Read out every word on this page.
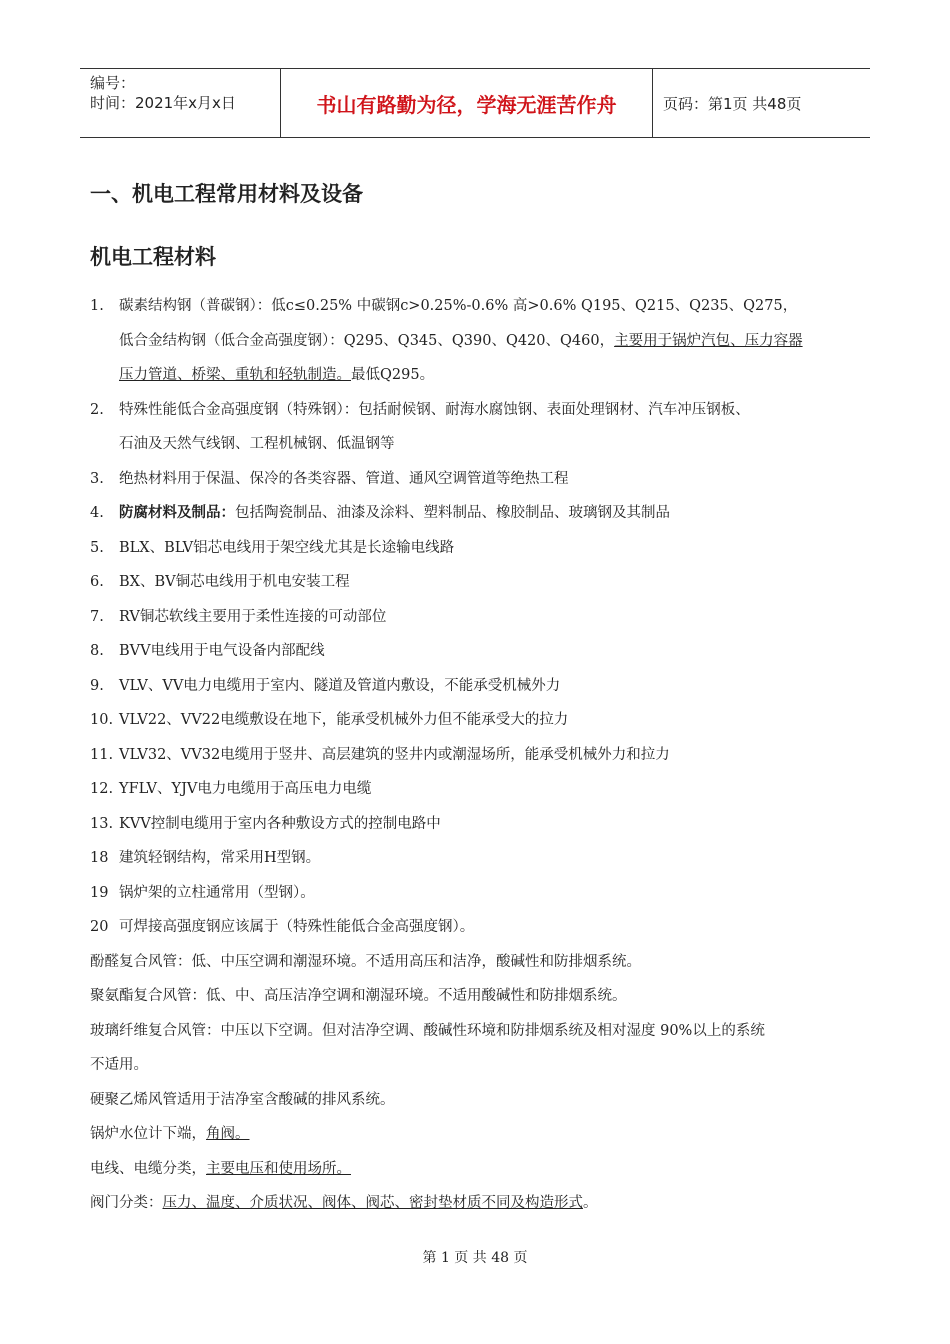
编号：
时间：2021年x月x日	书山有路勤为径，学海无涯苦作舟	页码：第1页 共48页
一、机电工程常用材料及设备
机电工程材料
1.	碳素结构钢（普碳钢）：低c≤0.25% 中碳钢c>0.25%-0.6% 高>0.6% Q195、Q215、Q235、Q275，
低合金结构钢（低合金高强度钢）：Q295、Q345、Q390、Q420、Q460，主要用于锅炉汽包、压力容器
压力管道、桥梁、重轨和轻轨制造。最低Q295。
2.	特殊性能低合金高强度钢（特殊钢）：包括耐候钢、耐海水腐蚀钢、表面处理钢材、汽车冲压钢板、
石油及天然气线钢、工程机械钢、低温钢等
3.	绝热材料用于保温、保冷的各类容器、管道、通风空调管道等绝热工程
4.	防腐材料及制品：包括陶瓷制品、油漆及涂料、塑料制品、橡胶制品、玻璃钢及其制品
5.	BLX、BLV铝芯电线用于架空线尤其是长途输电线路
6.	BX、BV铜芯电线用于机电安装工程
7.	RV铜芯软线主要用于柔性连接的可动部位
8.	BVV电线用于电气设备内部配线
9.	VLV、VV电力电缆用于室内、隧道及管道内敷设，不能承受机械外力
10. VLV22、VV22电缆敷设在地下，能承受机械外力但不能承受大的拉力
11. VLV32、VV32电缆用于竖井、高层建筑的竖井内或潮湿场所，能承受机械外力和拉力
12. YFLV、YJV电力电缆用于高压电力电缆
13. KVV控制电缆用于室内各种敷设方式的控制电路中
18 建筑轻钢结构，常采用H型钢。
19 锅炉架的立柱通常用（型钢）。
20 可焊接高强度钢应该属于（特殊性能低合金高强度钢）。
酚醛复合风管：低、中压空调和潮湿环境。不适用高压和洁净，酸碱性和防排烟系统。
聚氨酯复合风管：低、中、高压洁净空调和潮湿环境。不适用酸碱性和防排烟系统。
玻璃纤维复合风管：中压以下空调。但对洁净空调、酸碱性环境和防排烟系统及相对湿度 90%以上的系统
不适用。
硬聚乙烯风管适用于洁净室含酸碱的排风系统。
锅炉水位计下端，角阀。
电线、电缆分类，主要电压和使用场所。
阀门分类：压力、温度、介质状况、阀体、阀芯、密封垫材质不同及构造形式。
第 1 页 共 48 页
